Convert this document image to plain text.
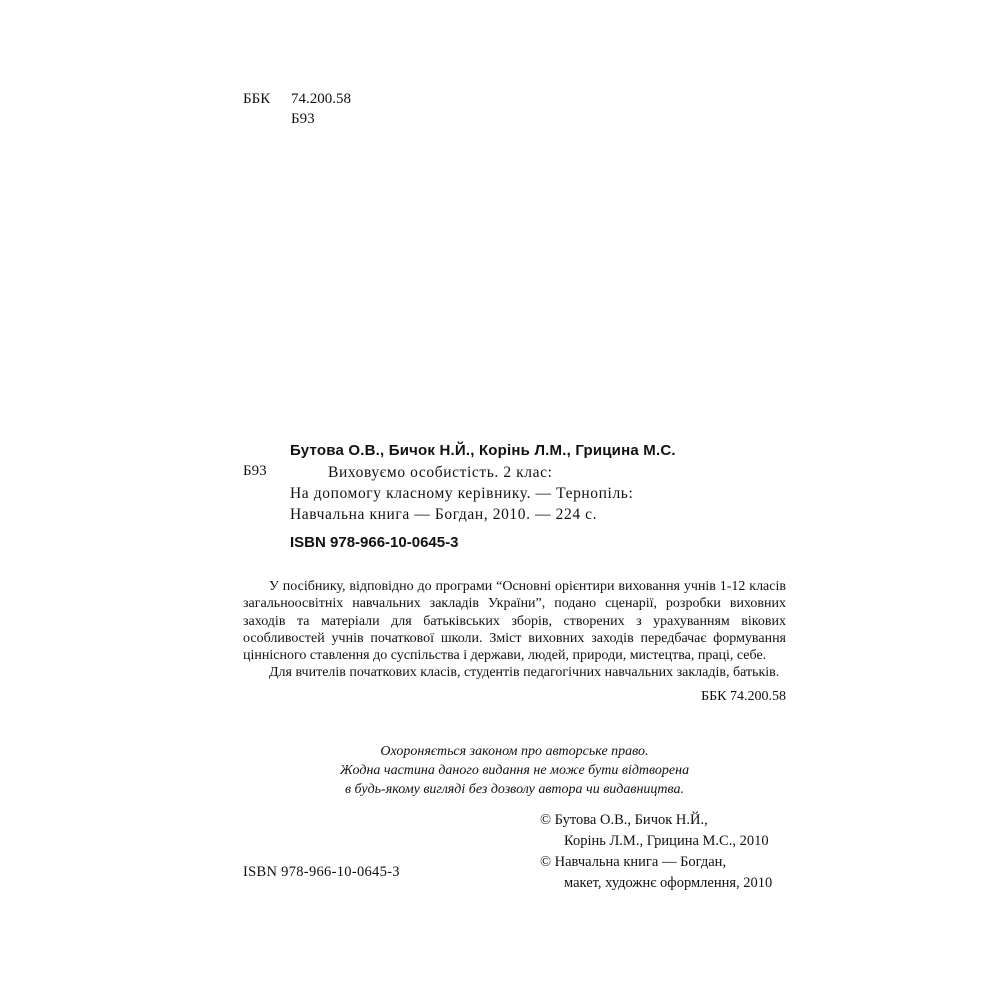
ББК	74.200.58
Б93
Б93
Бутова О.В., Бичок Н.Й., Корінь Л.М., Грицина М.С.
Виховуємо особистість. 2 клас:
На допомогу класному керівнику. — Тернопіль:
Навчальна книга — Богдан, 2010. — 224 с.
ISBN 978-966-10-0645-3

У посібнику, відповідно до програми “Основні орієнтири виховання учнів 1-12 класів загальноосвітніх навчальних закладів України”, подано сценарії, розробки виховних заходів та матеріали для батьківських зборів, створених з урахуванням вікових особливостей учнів початкової школи. Зміст виховних заходів передбачає формування ціннісного ставлення до суспільства і держави, людей, природи, мистецтва, праці, себе.

Для вчителів початкових класів, студентів педагогічних навчальних закладів, батьків.

ББК 74.200.58

Охороняється законом про авторське право.
Жодна частина даного видання не може бути відтворена
в будь-якому вигляді без дозволу автора чи видавництва.
© Бутова О.В., Бичок Н.Й.,
Корінь Л.М., Грицина М.С., 2010
© Навчальна книга — Богдан,
макет, художнє оформлення, 2010
ISBN 978-966-10-0645-3
